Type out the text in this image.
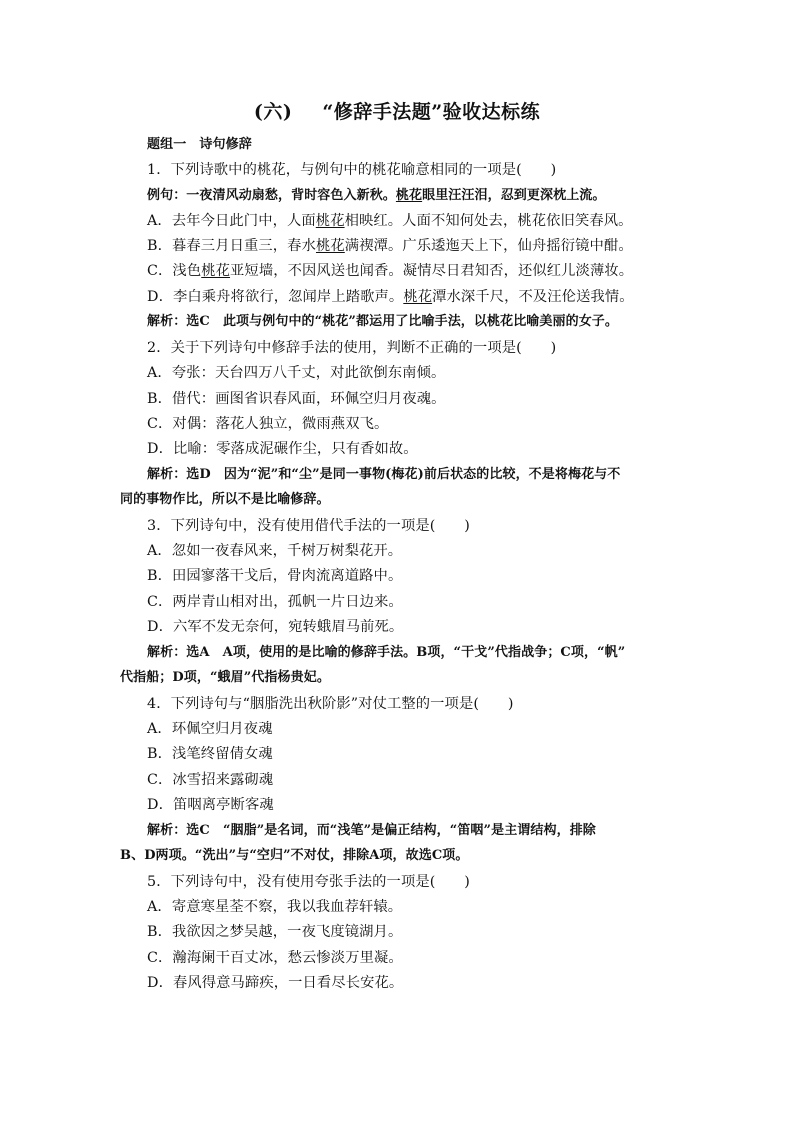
(六) “修辞手法题”验收达标练
题组一　诗句修辞
1．下列诗歌中的桃花，与例句中的桃花喻意相同的一项是(　　)
例句：一夜清风动扇愁，背时容色入新秋。桃花眼里汪汪泪，忍到更深枕上流。
A．去年今日此门中，人面桃花相映红。人面不知何处去，桃花依旧笑春风。
B．暮春三月日重三，春水桃花满禊潭。广乐逶迤天上下，仙舟摇衍镜中酣。
C．浅色桃花亚短墙，不因风送也闻香。凝情尽日君知否，还似红儿淡薄妆。
D．李白乘舟将欲行，忽闻岸上踏歌声。桃花潭水深千尺，不及汪伦送我情。
解析：选C　此项与例句中的“桃花”都运用了比喻手法，以桃花比喻美丽的女子。
2．关于下列诗句中修辞手法的使用，判断不正确的一项是(　　)
A．夸张：天台四万八千丈，对此欲倒东南倾。
B．借代：画图省识春风面，环佩空归月夜魂。
C．对偶：落花人独立，微雨燕双飞。
D．比喻：零落成泥碾作尘，只有香如故。
解析：选D　因为“泥”和“尘”是同一事物(梅花)前后状态的比较，不是将梅花与不
同的事物作比，所以不是比喻修辞。
3．下列诗句中，没有使用借代手法的一项是(　　)
A．忽如一夜春风来，千树万树梨花开。
B．田园寥落干戈后，骨肉流离道路中。
C．两岸青山相对出，孤帆一片日边来。
D．六军不发无奈何，宛转蛾眉马前死。
解析：选A　A项，使用的是比喻的修辞手法。B项，“干戈”代指战争；C项，“帆”
代指船；D项，“蛾眉”代指杨贵妃。
4．下列诗句与“胭脂洗出秋阶影”对仗工整的一项是(　　)
A．环佩空归月夜魂
B．浅笔终留倩女魂
C．冰雪招来露砌魂
D．笛咽离亭断客魂
解析：选C　“胭脂”是名词，而“浅笔”是偏正结构，“笛咽”是主谓结构，排除
B、D两项。“洗出”与“空归”不对仗，排除A项，故选C项。
5．下列诗句中，没有使用夸张手法的一项是(　　)
A．寄意寒星荃不察，我以我血荐轩辕。
B．我欲因之梦吴越，一夜飞度镜湖月。
C．瀚海阑干百丈冰，愁云惨淡万里凝。
D．春风得意马蹄疾，一日看尽长安花。
